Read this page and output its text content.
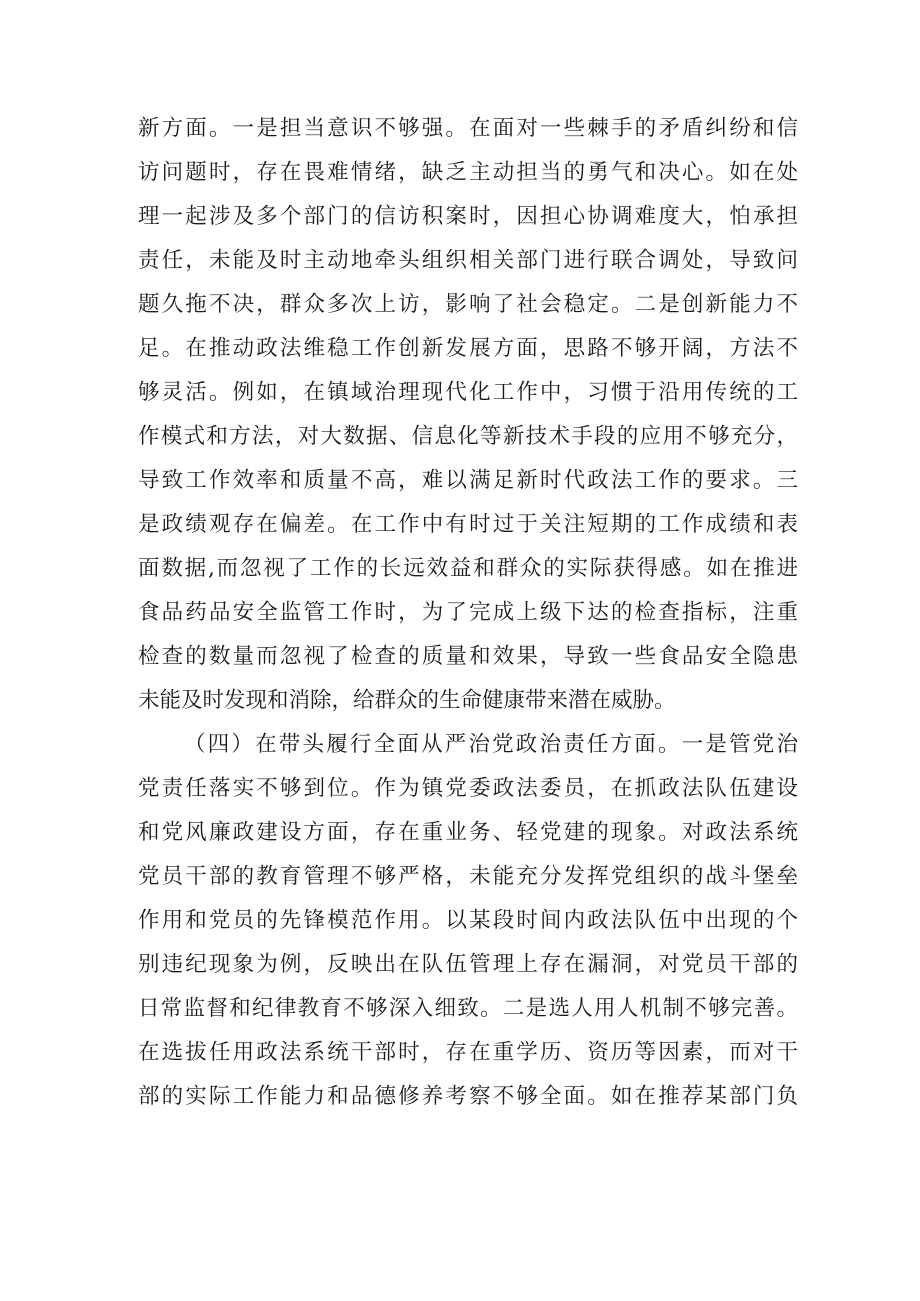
新方面。一是担当意识不够强。在面对一些棘手的矛盾纠纷和信
访问题时，存在畏难情绪，缺乏主动担当的勇气和决心。如在处
理一起涉及多个部门的信访积案时，因担心协调难度大，怕承担
责任，未能及时主动地牵头组织相关部门进行联合调处，导致问
题久拖不决，群众多次上访，影响了社会稳定。二是创新能力不
足。在推动政法维稳工作创新发展方面，思路不够开阔，方法不
够灵活。例如，在镇域治理现代化工作中，习惯于沿用传统的工
作模式和方法，对大数据、信息化等新技术手段的应用不够充分，
导致工作效率和质量不高，难以满足新时代政法工作的要求。三
是政绩观存在偏差。在工作中有时过于关注短期的工作成绩和表
面数据,而忽视了工作的长远效益和群众的实际获得感。如在推进
食品药品安全监管工作时，为了完成上级下达的检查指标，注重
检查的数量而忽视了检查的质量和效果，导致一些食品安全隐患
未能及时发现和消除，给群众的生命健康带来潜在威胁。
（四）在带头履行全面从严治党政治责任方面。一是管党治
党责任落实不够到位。作为镇党委政法委员，在抓政法队伍建设
和党风廉政建设方面，存在重业务、轻党建的现象。对政法系统
党员干部的教育管理不够严格，未能充分发挥党组织的战斗堡垒
作用和党员的先锋模范作用。以某段时间内政法队伍中出现的个
别违纪现象为例，反映出在队伍管理上存在漏洞，对党员干部的
日常监督和纪律教育不够深入细致。二是选人用人机制不够完善。
在选拔任用政法系统干部时，存在重学历、资历等因素，而对干
部的实际工作能力和品德修养考察不够全面。如在推荐某部门负
